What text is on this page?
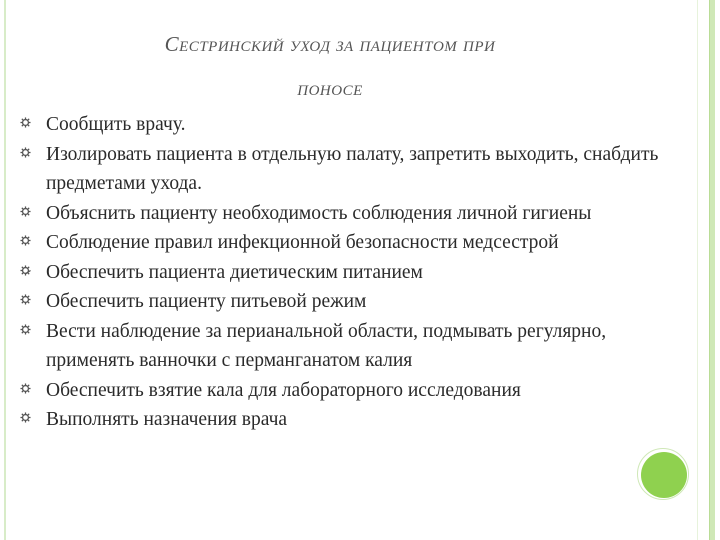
Сестринский уход за пациентом при
поносе
Сообщить врачу.
Изолировать пациента в отдельную палату, запретить выходить, снабдить предметами ухода.
Объяснить пациенту необходимость соблюдения личной гигиены
Соблюдение правил инфекционной безопасности медсестрой
Обеспечить пациента диетическим питанием
Обеспечить пациенту питьевой режим
Вести наблюдение за перианальной области, подмывать регулярно, применять ванночки с перманганатом калия
Обеспечить взятие кала для лабораторного исследования
Выполнять назначения врача
